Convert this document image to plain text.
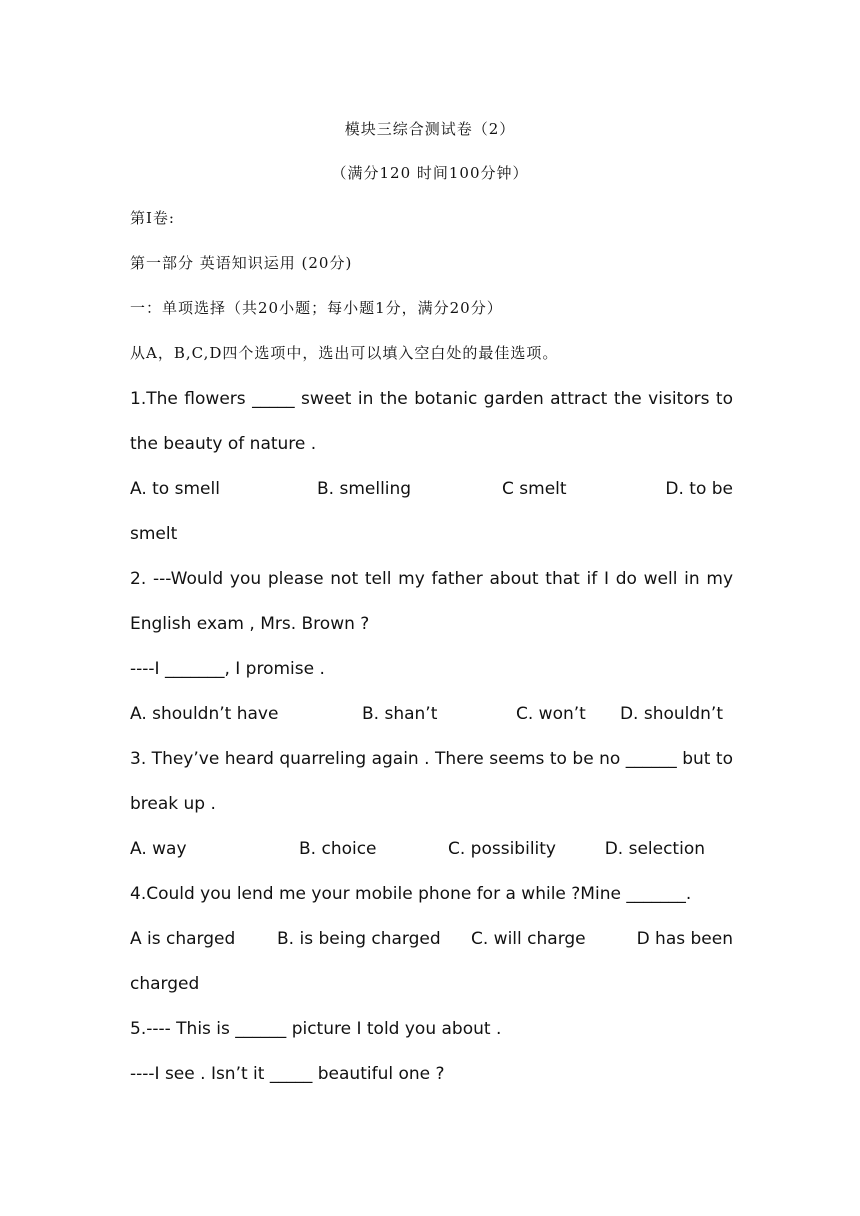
模块三综合测试卷（2）
（满分120 时间100分钟）
第Ⅰ卷:
第一部分 英语知识运用 (20分)
一：单项选择（共20小题；每小题1分，满分20分）
从A，B,C,D四个选项中，选出可以填入空白处的最佳选项。
1.The flowers _____ sweet in the botanic garden attract the visitors to
the beauty of nature .
A. to smell	B. smelling	C smelt	D. to be
smelt
2. ---Would you please not tell my father about that if I do well in my
English exam , Mrs. Brown ?
----I _______, I promise .
A. shouldn’t have	B. shan’t	C. won’t D. shouldn’t
3. They’ve heard quarreling again . There seems to be no ______ but to
break up .
A. way	B. choice	C. possibility	D. selection
4.Could you lend me your mobile phone for a while ?Mine _______.
A is charged B. is being charged C. will charge	D has been
charged
5.---- This is ______ picture I told you about .
----I see . Isn’t it _____ beautiful one ?
